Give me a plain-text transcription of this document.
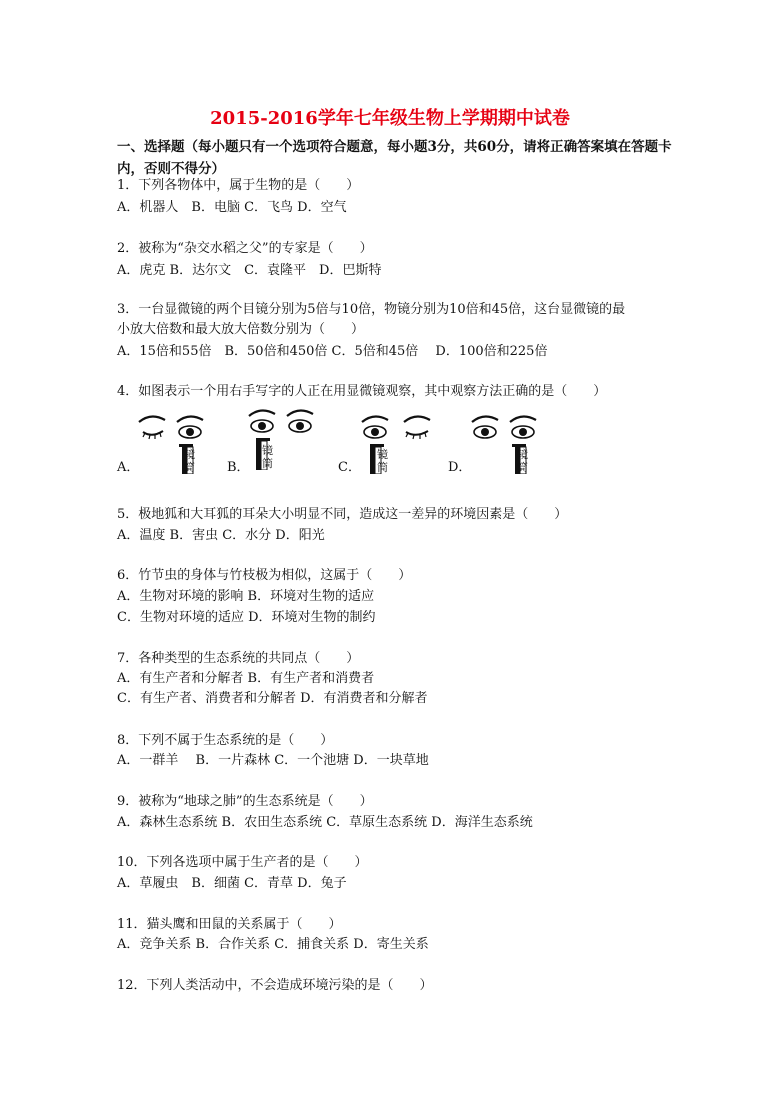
2015-2016学年七年级生物上学期期中试卷
一、选择题（每小题只有一个选项符合题意，每小题3分，共60分，请将正确答案填在答题卡内，否则不得分）
1．下列各物体中，属于生物的是（　　）
A．机器人　B．电脑 C．飞鸟 D．空气
2．被称为“杂交水稻之父”的专家是（　　）
A．虎克 B．达尔文　C．袁隆平　D．巴斯特
3．一台显微镜的两个目镜分别为5倍与10倍，物镜分别为10倍和45倍，这台显微镜的最
小放大倍数和最大放大倍数分别为（　　）
A．15倍和55倍　B．50倍和450倍 C．5倍和45倍　 D．100倍和225倍
4．如图表示一个用右手写字的人正在用显微镜观察，其中观察方法正确的是（　　）
A．	B．	C．	D．
镜
筒
镜
筒
镜
筒
镜
筒
5．极地狐和大耳狐的耳朵大小明显不同，造成这一差异的环境因素是（　　）
A．温度 B．害虫 C．水分 D．阳光
6．竹节虫的身体与竹枝极为相似，这属于（　　）
A．生物对环境的影响 B．环境对生物的适应
C．生物对环境的适应 D．环境对生物的制约
7．各种类型的生态系统的共同点（　　）
A．有生产者和分解者 B．有生产者和消费者
C．有生产者、消费者和分解者 D．有消费者和分解者
8．下列不属于生态系统的是（　　）
A．一群羊　 B．一片森林 C．一个池塘 D．一块草地
9．被称为“地球之肺”的生态系统是（　　）
A．森林生态系统 B．农田生态系统 C．草原生态系统 D．海洋生态系统
10．下列各选项中属于生产者的是（　　）
A．草履虫　B．细菌 C．青草 D．兔子
11．猫头鹰和田鼠的关系属于（　　）
A．竞争关系 B．合作关系 C．捕食关系 D．寄生关系
12．下列人类活动中，不会造成环境污染的是（　　）
